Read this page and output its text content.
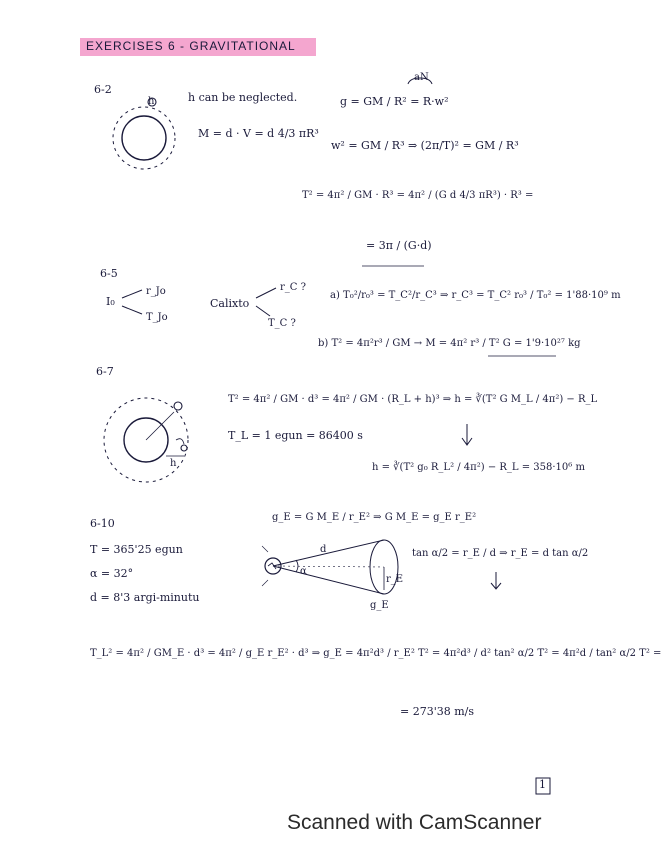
EXERCISES 6 - GRAVITATIONAL
6-2
h can be neglected.
aN
g = GM / R² = R·w²
M = d · V = d 4/3 πR³
w² = GM / R³ ⇒ (2π/T)² = GM / R³
T² = 4π² / GM · R³ = 4π² / (G d 4/3 πR³) · R³ =
= 3π / (G·d)
h
6-5
I₀
r_Jo
T_Jo
Calixto
r_C ?
T_C ?
a) T₀²/r₀³ = T_C²/r_C³ ⇒ r_C³ = T_C² r₀³ / T₀² = 1'88·10⁹ m
b) T² = 4π²r³ / GM → M = 4π² r³ / T² G = 1'9·10²⁷ kg
6-7
T² = 4π² / GM · d³ = 4π² / GM · (R_L + h)³ ⇒ h = ∛(T² G M_L / 4π²) − R_L
T_L = 1 egun = 86400 s
h = ∛(T² g₀ R_L² / 4π²) − R_L = 358·10⁶ m
h
6-10
T = 365'25 egun
α = 32°
d = 8'3 argi-minutu
g_E = G M_E / r_E² ⇒ G M_E = g_E r_E²
tan α/2 = r_E / d ⇒ r_E = d tan α/2
d
α
r_E
g_E
T_L² = 4π² / GM_E · d³ = 4π² / g_E r_E² · d³ ⇒ g_E = 4π²d³ / r_E² T² = 4π²d³ / d² tan² α/2 T² = 4π²d / tan² α/2 T² =
= 273'38 m/s
1
Scanned with CamScanner
